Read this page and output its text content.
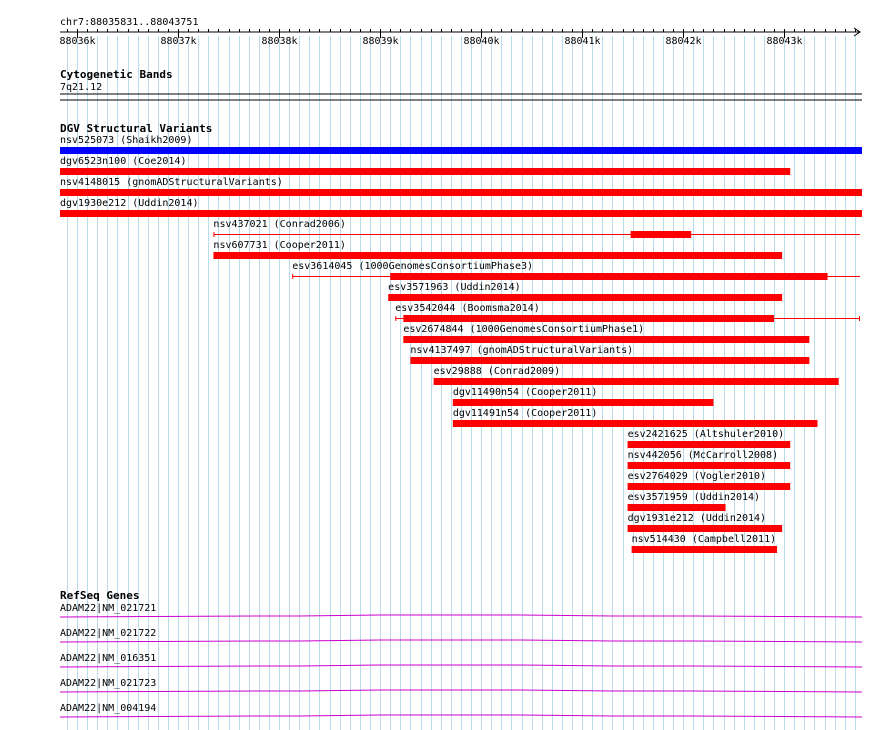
chr7:88035831..88043751
88036k	88037k	88038k	88039k	88040k	88041k	88042k	88043k
Cytogenetic Bands
7q21.12
DGV Structural Variants
nsv525073 (Shaikh2009)
dgv6523n100 (Coe2014)
nsv4148015 (gnomADStructuralVariants)
dgv1930e212 (Uddin2014)
nsv437021 (Conrad2006)
nsv607731 (Cooper2011)
esv3614045 (1000GenomesConsortiumPhase3)
esv3571963 (Uddin2014)
esv3542044 (Boomsma2014)
esv2674844 (1000GenomesConsortiumPhase1)
nsv4137497 (gnomADStructuralVariants)
esv29888 (Conrad2009)
dgv11490n54 (Cooper2011)
dgv11491n54 (Cooper2011)
esv2421625 (Altshuler2010)
nsv442056 (McCarroll2008)
esv2764029 (Vogler2010)
esv3571959 (Uddin2014)
dgv1931e212 (Uddin2014)
nsv514430 (Campbell2011)
RefSeq Genes
ADAM22|NM_021721
ADAM22|NM_021722
ADAM22|NM_016351
ADAM22|NM_021723
ADAM22|NM_004194
